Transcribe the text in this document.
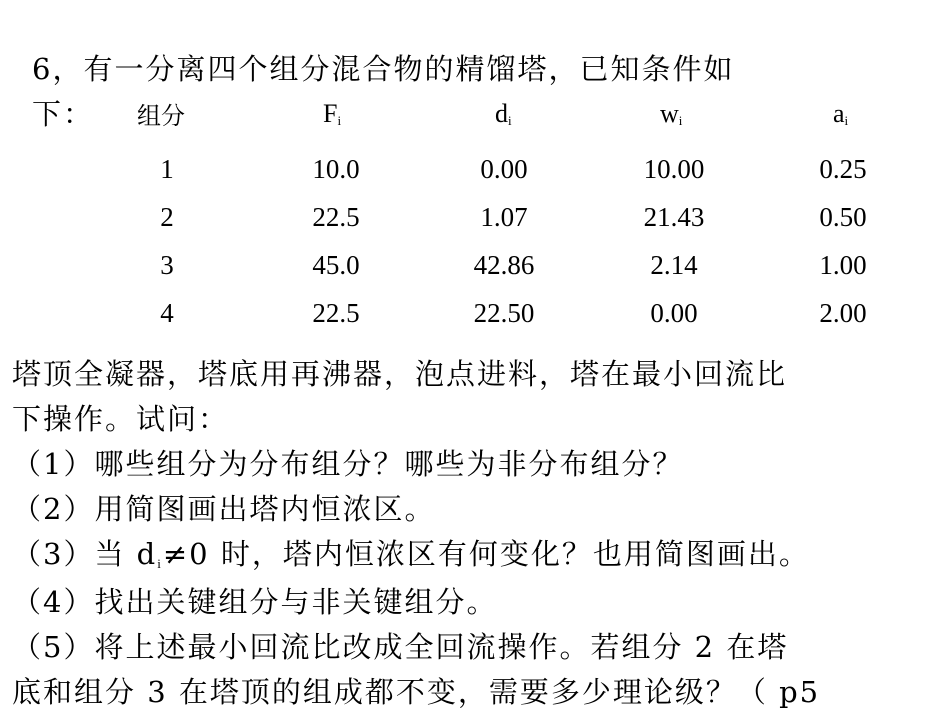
6，有一分离四个组分混合物的精馏塔，已知条件如
下： 组分	$F_i$	$d_i$	$w_i$	$a_i$
1	10.0	0.00	10.00	0.25
2	22.5	1.07	21.43	0.50
3	45.0	42.86	2.14	1.00
4	22.5	22.50	0.00	2.00
塔顶全凝器，塔底用再沸器，泡点进料，塔在最小回流比
下操作。试问：
（1）哪些组分为分布组分？哪些为非分布组分？
（2）用简图画出塔内恒浓区。
（3）当 di≠0 时，塔内恒浓区有何变化？也用简图画出。
（4）找出关键组分与非关键组分。
（5）将上述最小回流比改成全回流操作。若组分 2 在塔
底和组分 3 在塔顶的组成都不变，需要多少理论级？（ p5
